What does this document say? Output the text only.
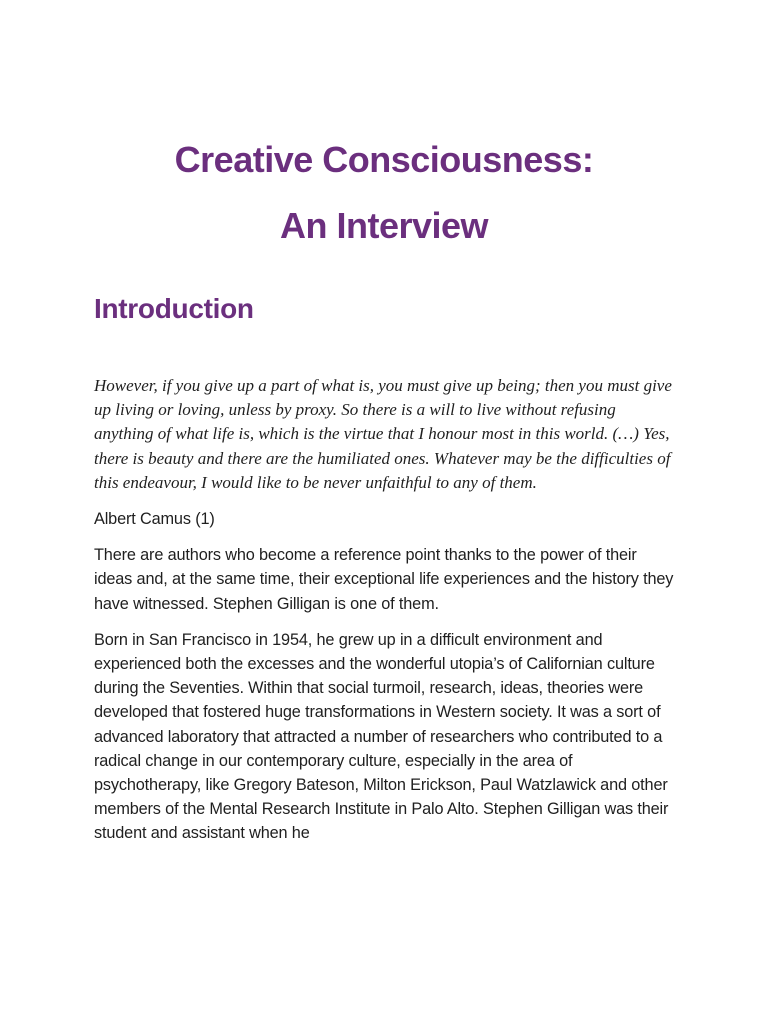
Creative Consciousness:
An Interview
Introduction

However, if you give up a part of what is, you must give up being; then you must give up living or loving, unless by proxy. So there is a will to live without refusing anything of what life is, which is the virtue that I honour most in this world. (…) Yes, there is beauty and there are the humiliated ones. Whatever may be the difficulties of this endeavour, I would like to be never unfaithful to any of them.

Albert Camus (1)

There are authors who become a reference point thanks to the power of their ideas and, at the same time, their exceptional life experiences and the history they have witnessed. Stephen Gilligan is one of them.

Born in San Francisco in 1954, he grew up in a difficult environment and experienced both the excesses and the wonderful utopia’s of Californian culture during the Seventies. Within that social turmoil, research, ideas, theories were developed that fostered huge transformations in Western society. It was a sort of advanced laboratory that attracted a number of researchers who contributed to a radical change in our contemporary culture, especially in the area of psychotherapy, like Gregory Bateson, Milton Erickson, Paul Watzlawick and other members of the Mental Research Institute in Palo Alto. Stephen Gilligan was their student and assistant when he
